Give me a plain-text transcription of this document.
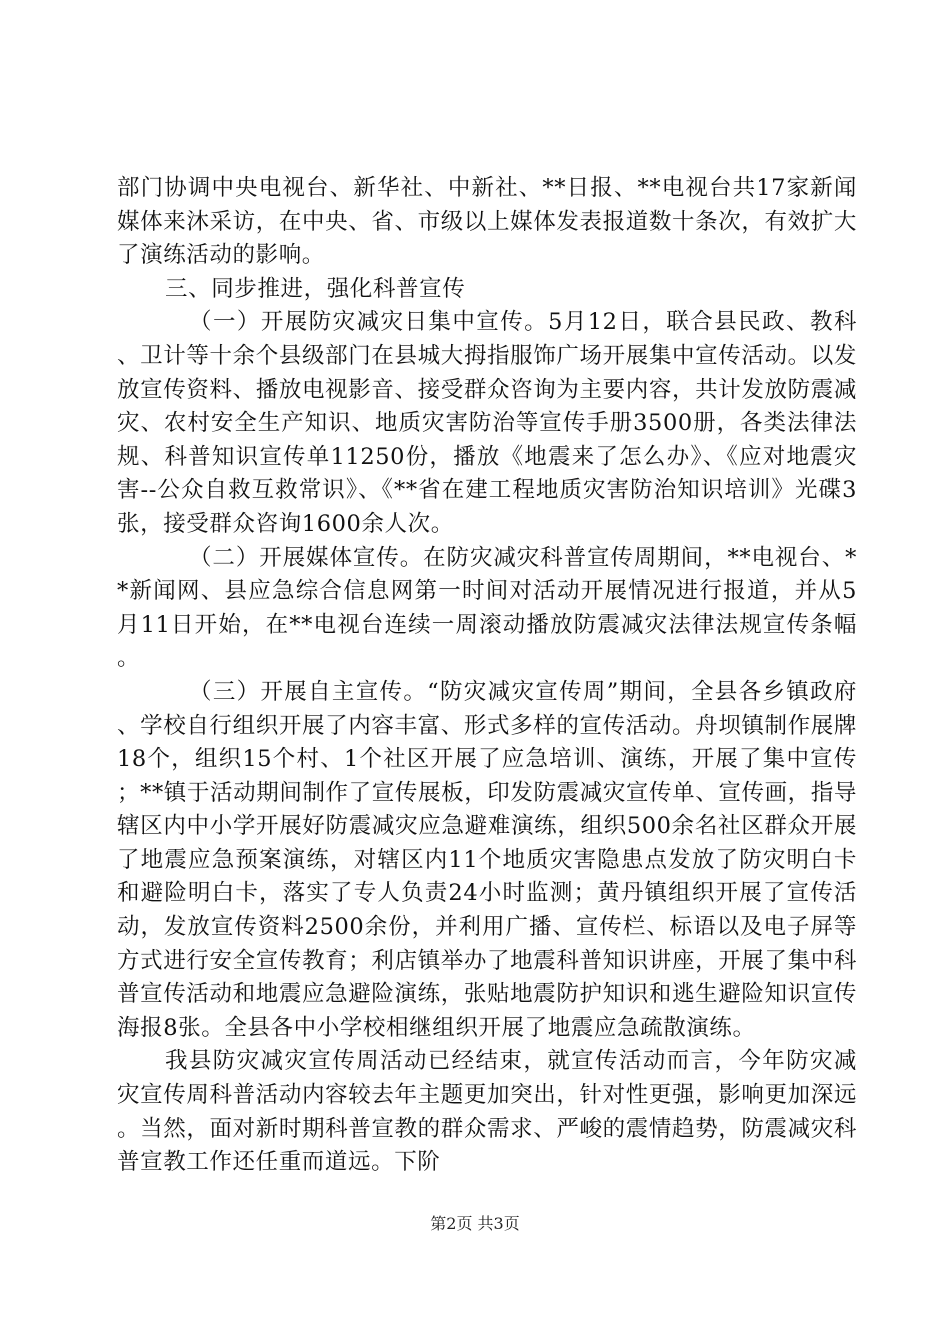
部门协调中央电视台、新华社、中新社、**日报、**电视台共17家新闻媒体来沐采访，在中央、省、市级以上媒体发表报道数十条次，有效扩大了演练活动的影响。

三、同步推进，强化科普宣传

（一）开展防灾减灾日集中宣传。5月12日，联合县民政、教科、卫计等十余个县级部门在县城大拇指服饰广场开展集中宣传活动。以发放宣传资料、播放电视影音、接受群众咨询为主要内容，共计发放防震减灾、农村安全生产知识、地质灾害防治等宣传手册3500册，各类法律法规、科普知识宣传单11250份，播放《地震来了怎么办》、《应对地震灾害--公众自救互救常识》、《**省在建工程地质灾害防治知识培训》光碟3张，接受群众咨询1600余人次。

（二）开展媒体宣传。在防灾减灾科普宣传周期间，**电视台、**新闻网、县应急综合信息网第一时间对活动开展情况进行报道，并从5月11日开始，在**电视台连续一周滚动播放防震减灾法律法规宣传条幅。

（三）开展自主宣传。“防灾减灾宣传周”期间，全县各乡镇政府、学校自行组织开展了内容丰富、形式多样的宣传活动。舟坝镇制作展牌18个，组织15个村、1个社区开展了应急培训、演练，开展了集中宣传；**镇于活动期间制作了宣传展板，印发防震减灾宣传单、宣传画，指导辖区内中小学开展好防震减灾应急避难演练，组织500余名社区群众开展了地震应急预案演练，对辖区内11个地质灾害隐患点发放了防灾明白卡和避险明白卡，落实了专人负责24小时监测；黄丹镇组织开展了宣传活动，发放宣传资料2500余份，并利用广播、宣传栏、标语以及电子屏等方式进行安全宣传教育；利店镇举办了地震科普知识讲座，开展了集中科普宣传活动和地震应急避险演练，张贴地震防护知识和逃生避险知识宣传海报8张。全县各中小学校相继组织开展了地震应急疏散演练。

我县防灾减灾宣传周活动已经结束，就宣传活动而言，今年防灾减灾宣传周科普活动内容较去年主题更加突出，针对性更强，影响更加深远。当然，面对新时期科普宣教的群众需求、严峻的震情趋势，防震减灾科普宣教工作还任重而道远。下阶

第2页 共3页
